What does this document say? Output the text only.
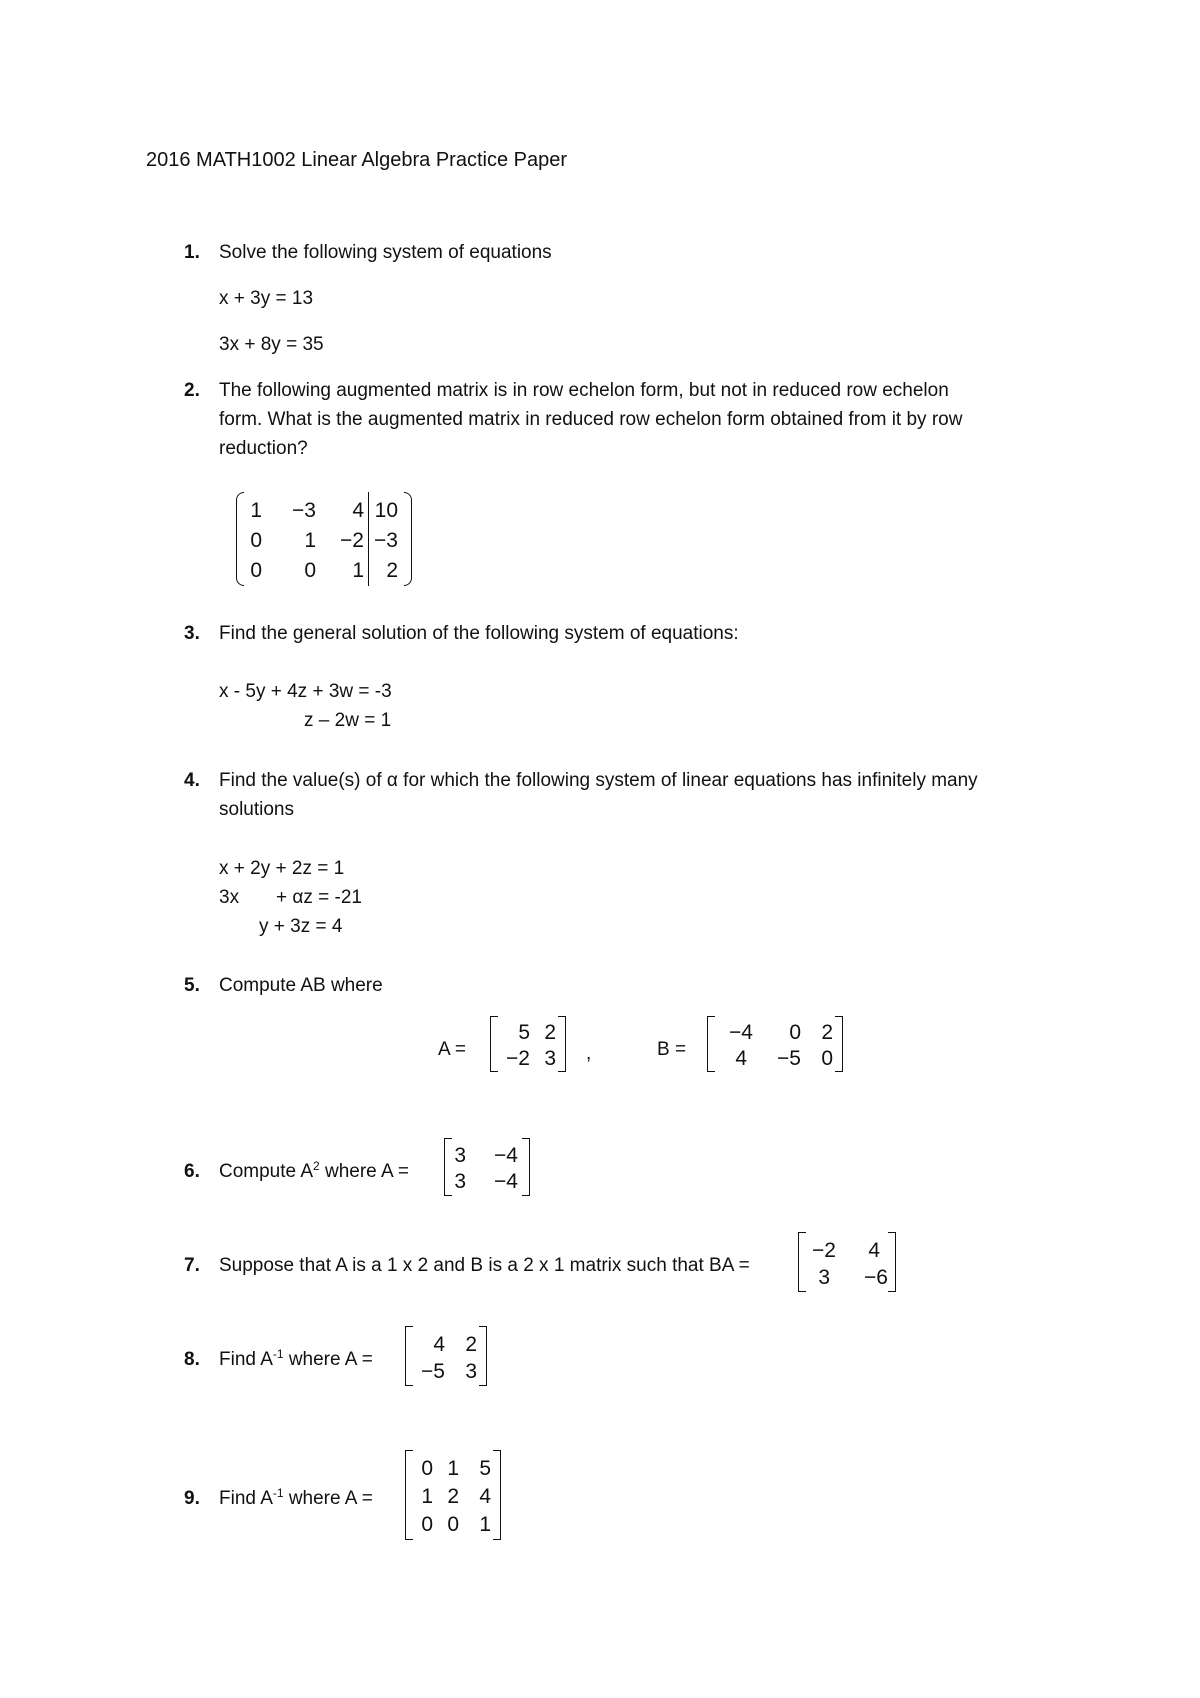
2016 MATH1002 Linear Algebra Practice Paper
1. Solve the following system of equations
x + 3y = 13
3x + 8y = 35
2. The following augmented matrix is in row echelon form, but not in reduced row echelon
form. What is the augmented matrix in reduced row echelon form obtained from it by row
reduction?
1	−3	4 10
0	1	−2 −3
0	0	1	2
3. Find the general solution of the following system of equations:
x - 5y + 4z + 3w = -3
z – 2w = 1
4. Find the value(s) of α for which the following system of linear equations has infinitely many
solutions
x + 2y + 2z = 1
3x + αz = -21
y + 3z = 4
5. Compute AB where
A =
5 2
−2 3 ,	B =
−4	0 2
4	−5 0
6. Compute $A^2$ where A =
3	−4
3	−4
7. Suppose that A is a 1 x 2 and B is a 2 x 1 matrix such that BA =
−2	4
3	−6
8. Find $A^{-1}$ where A =
4 2
−5 3
9. Find $A^{-1}$ where A =
0 1 5
1 2 4
0 0 1
